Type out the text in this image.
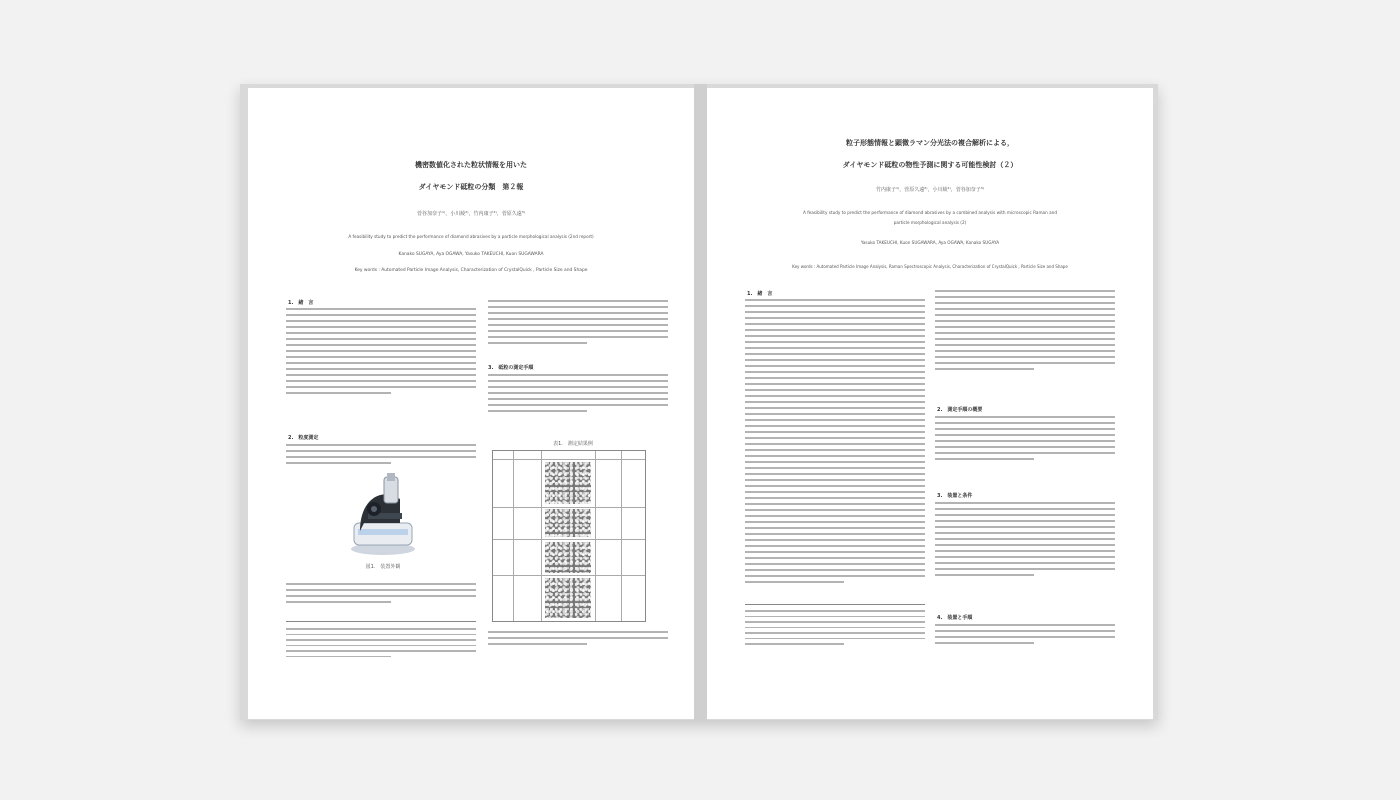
機密数値化された粒状情報を用いた
ダイヤモンド砥粒の分類　第２報
菅谷加奈子¹⁾，小川綾²⁾，竹内康子²⁾，菅原久遠³⁾
A feasibility study to predict the performance of diamond abrasives by a particle morphological analysis (2nd report)
Kanako SUGAYA, Aya OGAWA, Yasuko TAKEUCHI, Kuon SUGAWARA
Key words : Automated Particle Image Analysis, Characterization of CrystalQuick , Particle Size and Shape
1.　緒　言
2.　粒度測定
図1.　装置外観
3.　砥粒の測定手順
表1.　測定結果例
粒子形態情報と顕微ラマン分光法の複合解析による，
ダイヤモンド砥粒の物性予測に関する可能性検討（２）
竹内康子¹⁾，菅原久遠²⁾，小川綾²⁾，菅谷加奈子³⁾
A feasibility study to predict the performance of diamond abrasives by a combined analysis with microscopic Raman and
particle morphological analysis (2)
Yasuko TAKEUCHI, Kuon SUGAWARA, Aya OGAWA, Kanako SUGAYA
Key words : Automated Particle Image Analysis, Raman Spectroscopic Analysis, Characterization of CrystalQuick , Particle Size and Shape
1.　緒　言
2.　測定手順の概要
3.　装置と条件
4.　装置と手順
